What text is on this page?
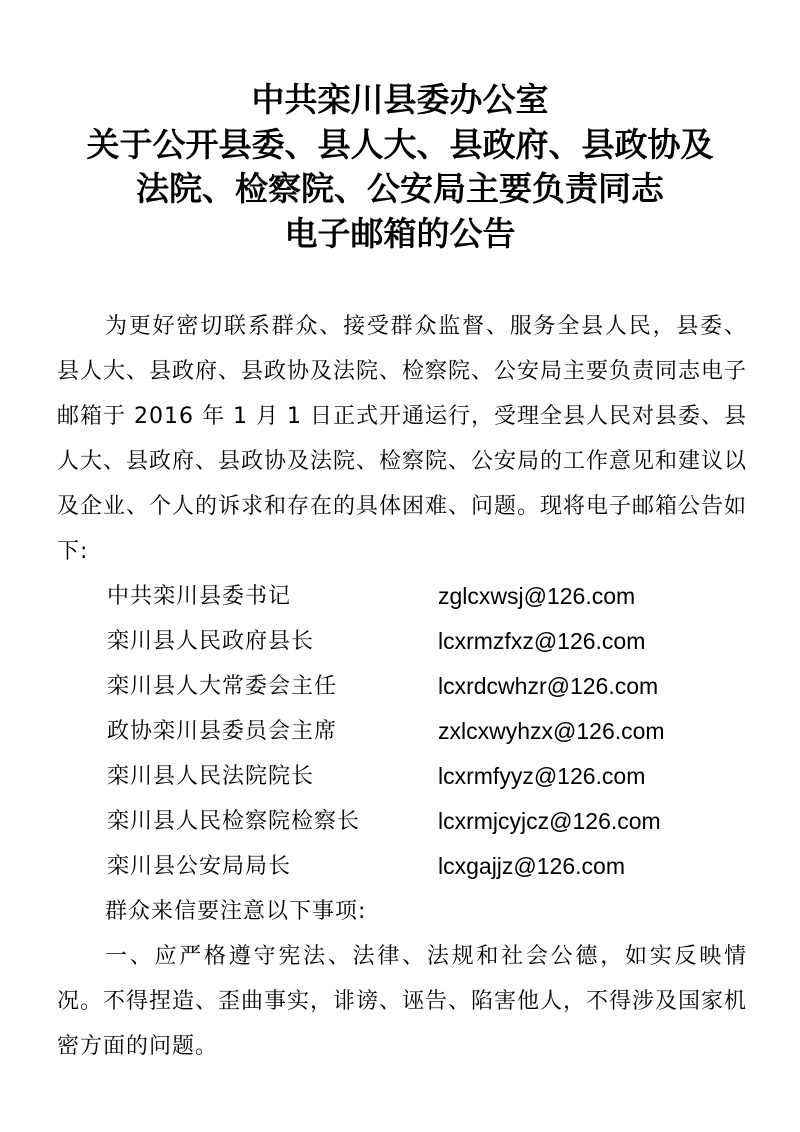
中共栾川县委办公室
关于公开县委、县人大、县政府、县政协及
法院、检察院、公安局主要负责同志
电子邮箱的公告

为更好密切联系群众、接受群众监督、服务全县人民，县委、县人大、县政府、县政协及法院、检察院、公安局主要负责同志电子邮箱于 2016 年 1 月 1 日正式开通运行，受理全县人民对县委、县人大、县政府、县政协及法院、检察院、公安局的工作意见和建议以及企业、个人的诉求和存在的具体困难、问题。现将电子邮箱公告如下:

中共栾川县委书记	zglcxwsj@126.com
栾川县人民政府县长	lcxrmzfxz@126.com
栾川县人大常委会主任	lcxrdcwhzr@126.com
政协栾川县委员会主席	zxlcxwyhzx@126.com
栾川县人民法院院长	lcxrmfyyz@126.com
栾川县人民检察院检察长	lcxrmjcyjcz@126.com
栾川县公安局局长	lcxgajjz@126.com

群众来信要注意以下事项:

一、应严格遵守宪法、法律、法规和社会公德，如实反映情况。不得捏造、歪曲事实，诽谤、诬告、陷害他人，不得涉及国家机密方面的问题。
